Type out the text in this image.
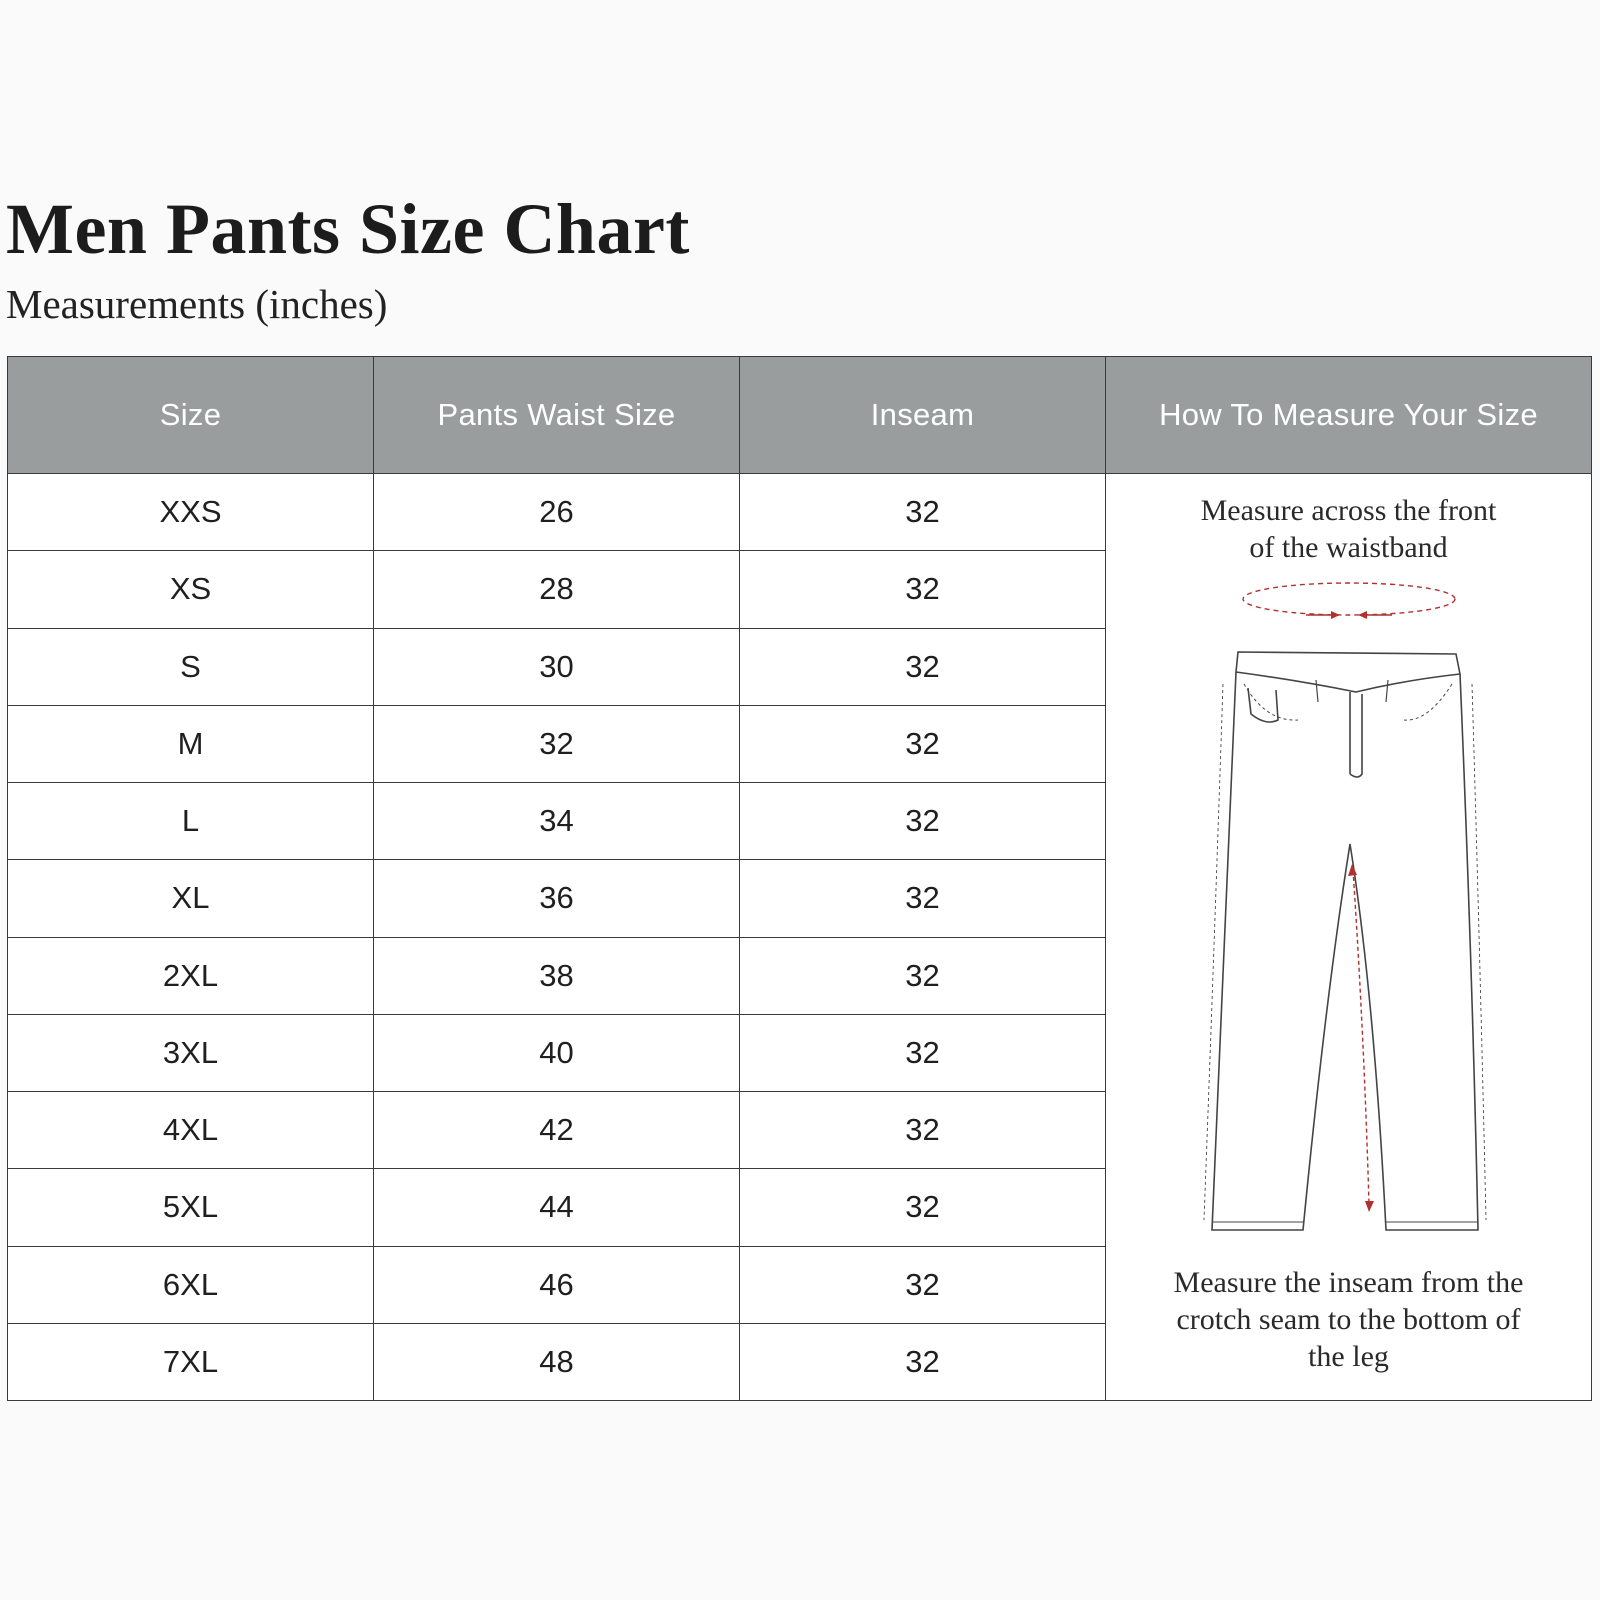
Men Pants Size Chart
Measurements (inches)
Size	Pants Waist Size	Inseam	How To Measure Your Size
XXS	26	32	Measure across the front of the waistband
Measure the inseam from the crotch seam to the bottom of the leg

XS	28	32	
S	30	32	
M	32	32	
L	34	32	
XL	36	32	
2XL	38	32	
3XL	40	32	
4XL	42	32	
5XL	44	32	
6XL	46	32	
7XL	48	32	
